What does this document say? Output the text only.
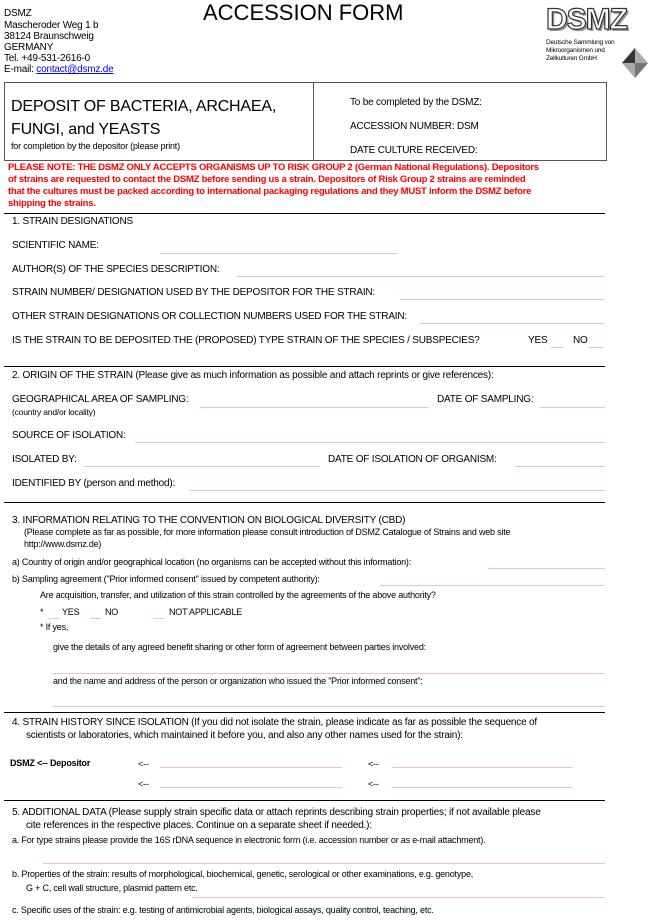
ACCESSION FORM
DSMZ
Mascheroder Weg 1 b
38124 Braunschweig
GERMANY
Tel. +49-531-2616-0
E-mail: contact@dsmz.de
DSMZ
Deutsche Sammlung von
Mikroorganismen und
Zellkulturen GmbH
DEPOSIT OF BACTERIA, ARCHAEA,
FUNGI, and YEASTS
for completion by the depositor (please print)
To be completed by the DSMZ:
ACCESSION NUMBER: DSM
DATE CULTURE RECEIVED:
PLEASE NOTE: THE DSMZ ONLY ACCEPTS ORGANISMS UP TO RISK GROUP 2 (German National Regulations). Depositors
of strains are requested to contact the DSMZ before sending us a strain. Depositors of Risk Group 2 strains are reminded
that the cultures must be packed according to international packaging regulations and they MUST inform the DSMZ before
shipping the strains.
1. STRAIN DESIGNATIONS
SCIENTIFIC NAME:
AUTHOR(S) OF THE SPECIES DESCRIPTION:
STRAIN NUMBER/ DESIGNATION USED BY THE DEPOSITOR FOR THE STRAIN:
OTHER STRAIN DESIGNATIONS OR COLLECTION NUMBERS USED FOR THE STRAIN:
IS THE STRAIN TO BE DEPOSITED THE (PROPOSED) TYPE STRAIN OF THE SPECIES / SUBSPECIES?	YES	NO
2. ORIGIN OF THE STRAIN (Please give as much information as possible and attach reprints or give references):
GEOGRAPHICAL AREA OF SAMPLING:
(country and/or locality)
DATE OF SAMPLING:
SOURCE OF ISOLATION:
ISOLATED BY:	DATE OF ISOLATION OF ORGANISM:
IDENTIFIED BY (person and method):
3. INFORMATION RELATING TO THE CONVENTION ON BIOLOGICAL DIVERSITY (CBD)
(Please complete as far as possible, for more information please consult introduction of DSMZ Catalogue of Strains and web site
http://www.dsmz.de)
a) Country of origin and/or geographical location (no organisms can be accepted without this information):
b) Sampling agreement ("Prior informed consent" issued by competent authority):
Are acquisition, transfer, and utilization of this strain controlled by the agreements of the above authority?
* YES	NO	NOT APPLICABLE
* If yes,
give the details of any agreed benefit sharing or other form of agreement between parties involved:
and the name and address of the person or organization who issued the "Prior informed consent":
4. STRAIN HISTORY SINCE ISOLATION (If you did not isolate the strain, please indicate as far as possible the sequence of
scientists or laboratories, which maintained it before you, and also any other names used for the strain):
DSMZ <-- Depositor	<--	<--
<--	<--
5. ADDITIONAL DATA (Please supply strain specific data or attach reprints describing strain properties; if not available please
cite references in the respective places. Continue on a separate sheet if needed.):
a. For type strains please provide the 16S rDNA sequence in electronic form (i.e. accession number or as e-mail attachment).
b. Properties of the strain: results of morphological, biochemical, genetic, serological or other examinations, e.g. genotype,
G + C, cell wall structure, plasmid pattern etc.
c. Specific uses of the strain: e.g. testing of antimicrobial agents, biological assays, quality control, teaching, etc.
